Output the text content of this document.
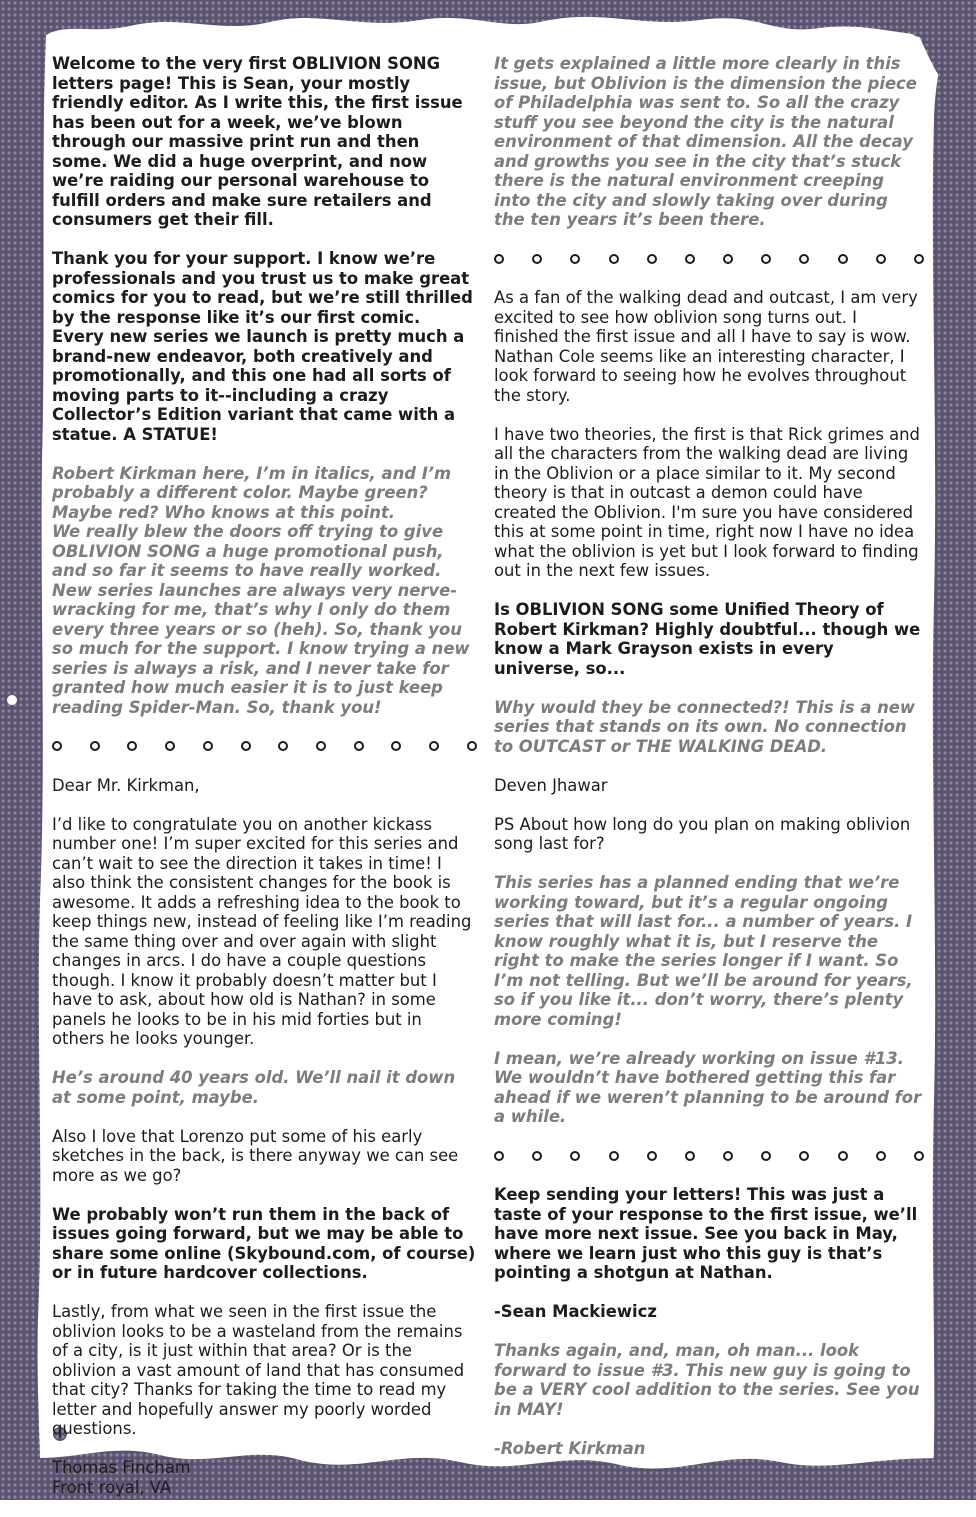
Welcome to the very first OBLIVION SONG letters page! This is Sean, your mostly friendly editor. As I write this, the first issue has been out for a week, we’ve blown through our massive print run and then some. We did a huge overprint, and now we’re raiding our personal warehouse to fulfill orders and make sure retailers and consumers get their fill.

Thank you for your support. I know we’re professionals and you trust us to make great comics for you to read, but we’re still thrilled by the response like it’s our first comic. Every new series we launch is pretty much a brand-new endeavor, both creatively and promotionally, and this one had all sorts of moving parts to it--including a crazy Collector’s Edition variant that came with a statue. A STATUE!

Robert Kirkman here, I’m in italics, and I’m probably a different color. Maybe green? Maybe red? Who knows at this point.
We really blew the doors off trying to give OBLIVION SONG a huge promotional push, and so far it seems to have really worked. New series launches are always very nerve-wracking for me, that’s why I only do them every three years or so (heh). So, thank you so much for the support. I know trying a new series is always a risk, and I never take for granted how much easier it is to just keep reading Spider-Man. So, thank you!

Dear Mr. Kirkman,

I’d like to congratulate you on another kickass number one! I’m super excited for this series and can’t wait to see the direction it takes in time! I also think the consistent changes for the book is awesome. It adds a refreshing idea to the book to keep things new, instead of feeling like I’m reading the same thing over and over again with slight changes in arcs. I do have a couple questions though. I know it probably doesn’t matter but I have to ask, about how old is Nathan? in some panels he looks to be in his mid forties but in others he looks younger.

He’s around 40 years old. We’ll nail it down at some point, maybe.

Also I love that Lorenzo put some of his early sketches in the back, is there anyway we can see more as we go?

We probably won’t run them in the back of issues going forward, but we may be able to share some online (Skybound.com, of course) or in future hardcover collections.

Lastly, from what we seen in the first issue the oblivion looks to be a wasteland from the remains of a city, is it just within that area? Or is the oblivion a vast amount of land that has consumed that city? Thanks for taking the time to read my letter and hopefully answer my poorly worded questions.

Thomas Fincham
Front royal, VA

It gets explained a little more clearly in this issue, but Oblivion is the dimension the piece of Philadelphia was sent to. So all the crazy stuff you see beyond the city is the natural environment of that dimension. All the decay and growths you see in the city that’s stuck there is the natural environment creeping into the city and slowly taking over during the ten years it’s been there.

As a fan of the walking dead and outcast, I am very excited to see how oblivion song turns out. I finished the first issue and all I have to say is wow. Nathan Cole seems like an interesting character, I look forward to seeing how he evolves throughout the story.

I have two theories, the first is that Rick grimes and all the characters from the walking dead are living in the Oblivion or a place similar to it. My second theory is that in outcast a demon could have created the Oblivion. I'm sure you have considered this at some point in time, right now I have no idea what the oblivion is yet but I look forward to finding out in the next few issues.

Is OBLIVION SONG some Unified Theory of Robert Kirkman? Highly doubtful... though we know a Mark Grayson exists in every universe, so...

Why would they be connected?! This is a new series that stands on its own. No connection to OUTCAST or THE WALKING DEAD.

Deven Jhawar

PS About how long do you plan on making oblivion song last for?

This series has a planned ending that we’re working toward, but it’s a regular ongoing series that will last for... a number of years. I know roughly what it is, but I reserve the right to make the series longer if I want. So I’m not telling. But we’ll be around for years, so if you like it... don’t worry, there’s plenty more coming!

I mean, we’re already working on issue #13. We wouldn’t have bothered getting this far ahead if we weren’t planning to be around for a while.

Keep sending your letters! This was just a taste of your response to the first issue, we’ll have more next issue. See you back in May, where we learn just who this guy is that’s pointing a shotgun at Nathan.

-Sean Mackiewicz

Thanks again, and, man, oh man... look forward to issue #3. This new guy is going to be a VERY cool addition to the series. See you in MAY!

-Robert Kirkman
